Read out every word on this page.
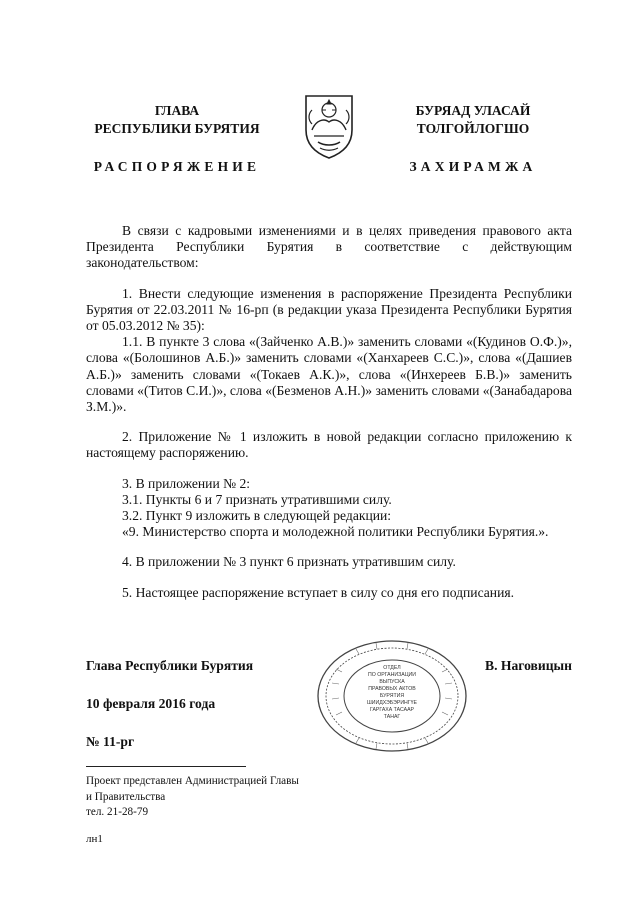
ГЛАВА
РЕСПУБЛИКИ БУРЯТИЯ
РАСПОРЯЖЕНИЕ
БУРЯАД УЛАСАЙ
ТОЛГОЙЛОГШО
ЗАХИРАМЖА

В связи с кадровыми изменениями и в целях приведения правового акта Президента Республики Бурятия в соответствие с действующим законодательством:

1. Внести следующие изменения в распоряжение Президента Республики Бурятия от 22.03.2011 № 16-рп (в редакции указа Президента Республики Бурятия от 05.03.2012 № 35):

1.1. В пункте 3 слова «(Зайченко А.В.)» заменить словами «(Кудинов О.Ф.)», слова «(Болошинов А.Б.)» заменить словами «(Ханхареев С.С.)», слова «(Дашиев А.Б.)» заменить словами «(Токаев А.К.)», слова «(Инхереев Б.В.)» заменить словами «(Титов С.И.)», слова «(Безменов А.Н.)» заменить словами «(Занабадарова З.М.)».

2. Приложение № 1 изложить в новой редакции согласно приложению к настоящему распоряжению.

3. В приложении № 2:

3.1. Пункты 6 и 7 признать утратившими силу.

3.2. Пункт 9 изложить в следующей редакции:

«9. Министерство спорта и молодежной политики Республики Бурятия.».

4. В приложении № 3 пункт 6 признать утратившим силу.

5. Настоящее распоряжение вступает в силу со дня его подписания.

Глава Республики Бурятия	В. Наговицын
10 февраля 2016 года
№ 11-рг
ОТДЕЛ
ПО ОРГАНИЗАЦИИ
ВЫПУСКА
ПРАВОВЫХ АКТОВ
БУРЯТИЯ
ШИИДХЭБЭРИНГҮЕ
ГАРГАХА ТАСААР
ТАНАГ
Проект представлен Администрацией Главы
и Правительства
тел. 21-28-79
лн1
